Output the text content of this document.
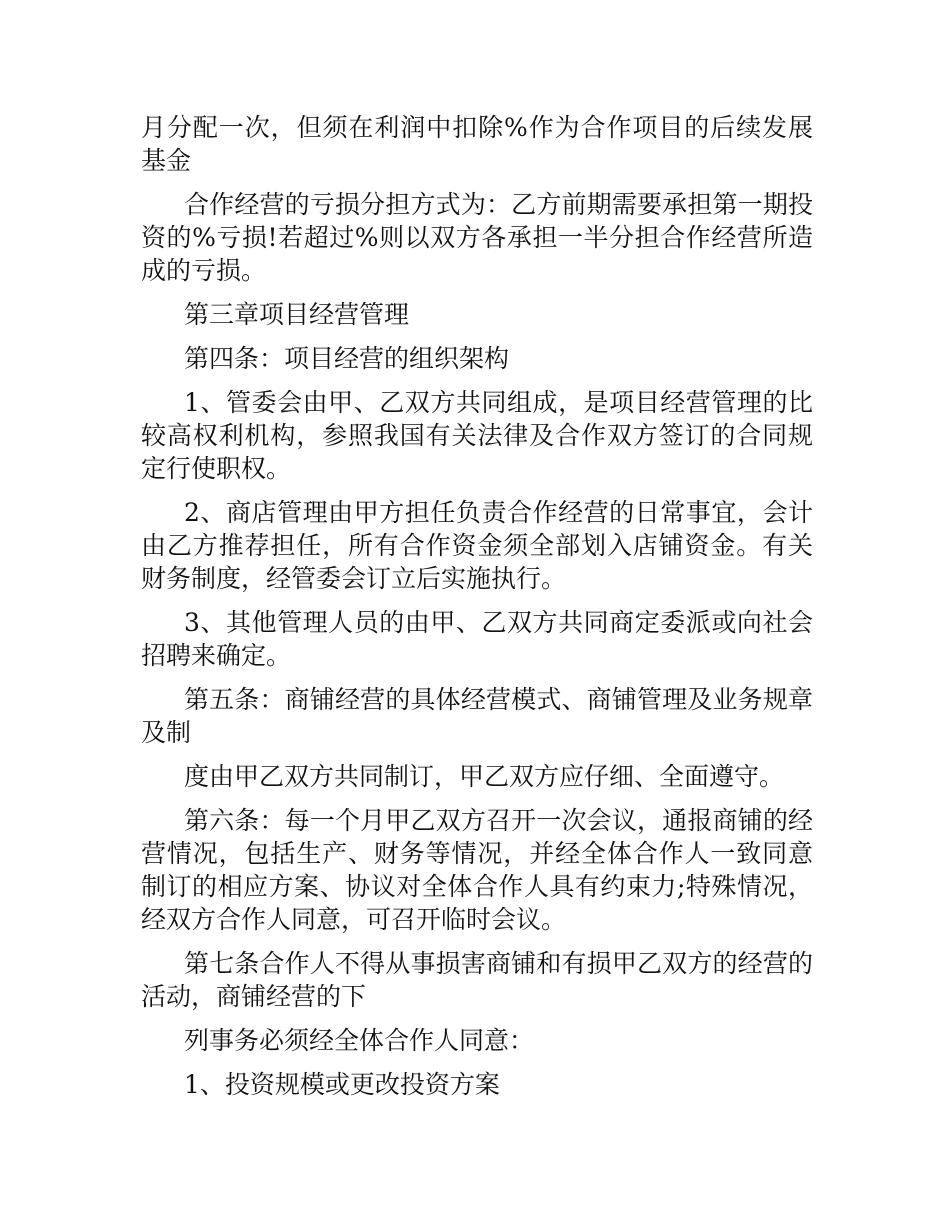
月分配一次，但须在利润中扣除%作为合作项目的后续发展基金

合作经营的亏损分担方式为：乙方前期需要承担第一期投资的%亏损!若超过%则以双方各承担一半分担合作经营所造成的亏损。

第三章项目经营管理

第四条：项目经营的组织架构

1、管委会由甲、乙双方共同组成，是项目经营管理的比较高权利机构，参照我国有关法律及合作双方签订的合同规定行使职权。

2、商店管理由甲方担任负责合作经营的日常事宜，会计由乙方推荐担任，所有合作资金须全部划入店铺资金。有关财务制度，经管委会订立后实施执行。

3、其他管理人员的由甲、乙双方共同商定委派或向社会招聘来确定。

第五条：商铺经营的具体经营模式、商铺管理及业务规章及制

度由甲乙双方共同制订，甲乙双方应仔细、全面遵守。

第六条：每一个月甲乙双方召开一次会议，通报商铺的经营情况，包括生产、财务等情况，并经全体合作人一致同意制订的相应方案、协议对全体合作人具有约束力;特殊情况，经双方合作人同意，可召开临时会议。

第七条合作人不得从事损害商铺和有损甲乙双方的经营的活动，商铺经营的下

列事务必须经全体合作人同意：

1、投资规模或更改投资方案
